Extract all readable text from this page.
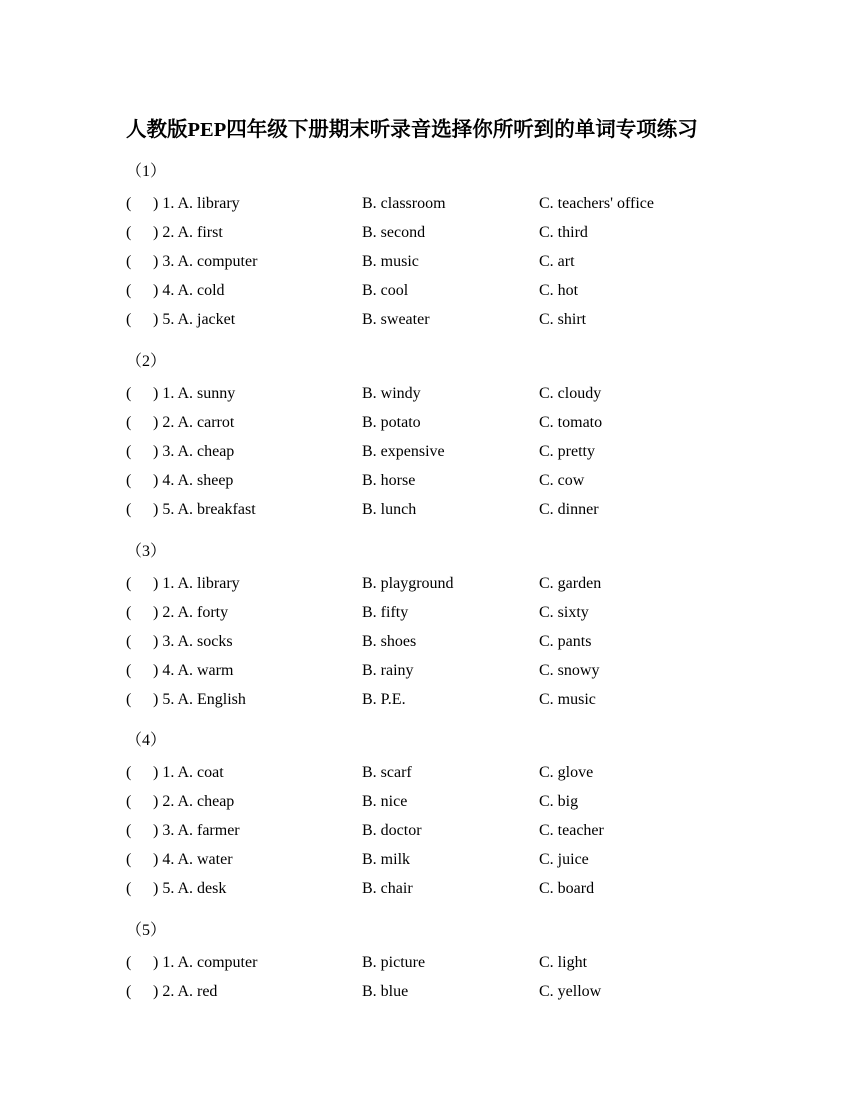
人教版PEP四年级下册期末听录音选择你所听到的单词专项练习
（1）
( ) 1. A. library	B. classroom	C. teachers' office
( ) 2. A. first	B. second	C. third
( ) 3. A. computer	B. music	C. art
( ) 4. A. cold	B. cool	C. hot
( ) 5. A. jacket	B. sweater	C. shirt
（2）
( ) 1. A. sunny	B. windy	C. cloudy
( ) 2. A. carrot	B. potato	C. tomato
( ) 3. A. cheap	B. expensive	C. pretty
( ) 4. A. sheep	B. horse	C. cow
( ) 5. A. breakfast	B. lunch	C. dinner
（3）
( ) 1. A. library	B. playground	C. garden
( ) 2. A. forty	B. fifty	C. sixty
( ) 3. A. socks	B. shoes	C. pants
( ) 4. A. warm	B. rainy	C. snowy
( ) 5. A. English	B. P.E.	C. music
（4）
( ) 1. A. coat	B. scarf	C. glove
( ) 2. A. cheap	B. nice	C. big
( ) 3. A. farmer	B. doctor	C. teacher
( ) 4. A. water	B. milk	C. juice
( ) 5. A. desk	B. chair	C. board
（5）
( ) 1. A. computer	B. picture	C. light
( ) 2. A. red	B. blue	C. yellow
